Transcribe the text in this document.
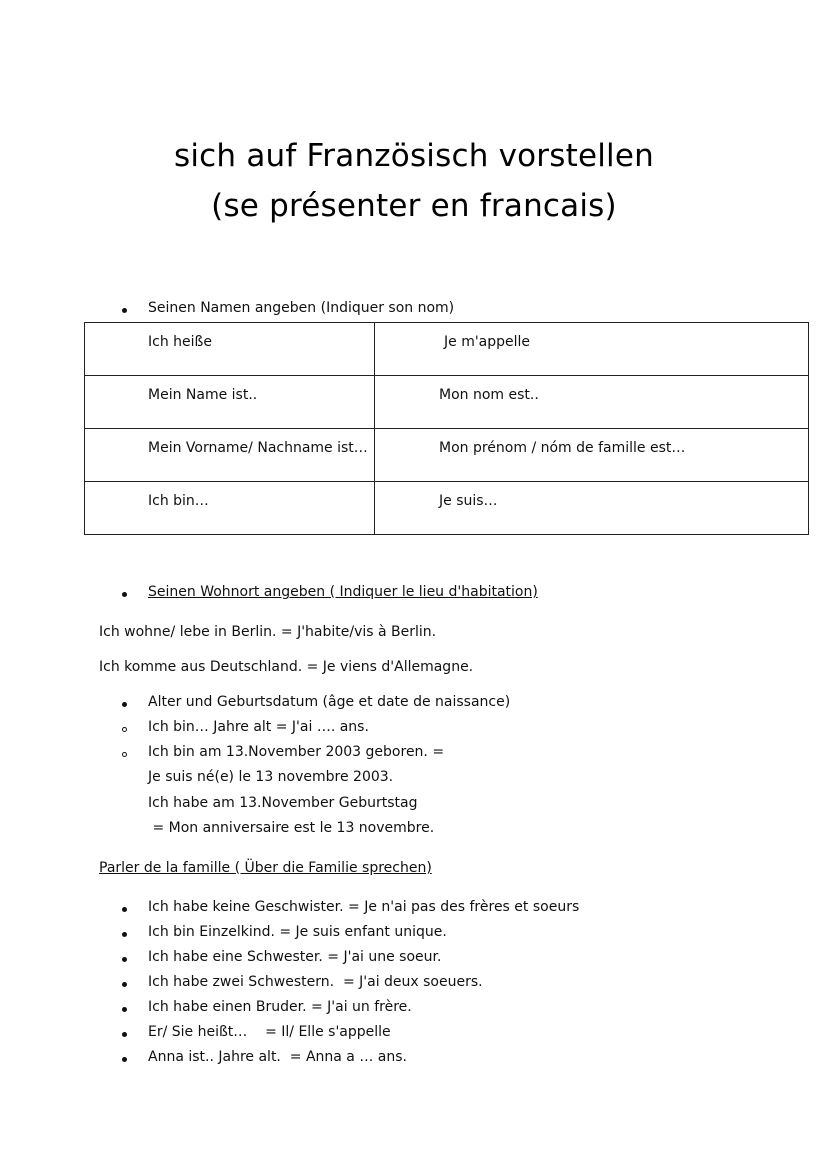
sich auf Französisch vorstellen
(se présenter en francais)
Seinen Namen angeben (Indiquer son nom)
Ich heiße	Je m'appelle
Mein Name ist..	Mon nom est..
Mein Vorname/ Nachname ist…	Mon prénom / nóm de famille est…
Ich bin…	Je suis…
Seinen Wohnort angeben ( Indiquer le lieu d'habitation)
Ich wohne/ lebe in Berlin. = J'habite/vis à Berlin.
Ich komme aus Deutschland. = Je viens d'Allemagne.
Alter und Geburtsdatum (âge et date de naissance)
Ich bin… Jahre alt = J'ai …. ans.
Ich bin am 13.November 2003 geboren. =
Je suis né(e) le 13 novembre 2003.
Ich habe am 13.November Geburtstag
= Mon anniversaire est le 13 novembre.
Parler de la famille ( Über die Familie sprechen)
Ich habe keine Geschwister. = Je n'ai pas des frères et soeurs
Ich bin Einzelkind. = Je suis enfant unique.
Ich habe eine Schwester. = J'ai une soeur.
Ich habe zwei Schwestern.  = J'ai deux soeuers.
Ich habe einen Bruder. = J'ai un frère.
Er/ Sie heißt…    = Il/ Elle s'appelle
Anna ist.. Jahre alt.  = Anna a … ans.
